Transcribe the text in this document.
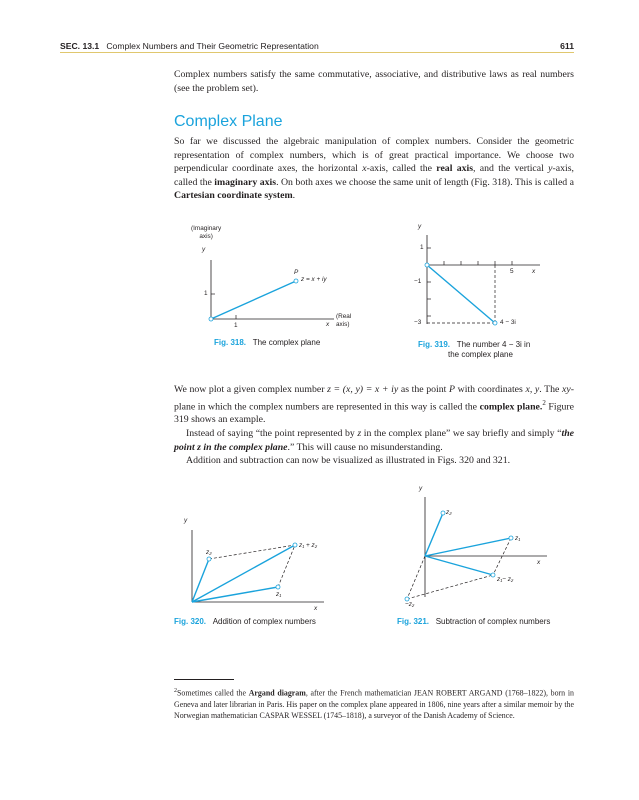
SEC. 13.1 Complex Numbers and Their Geometric Representation	611

Complex numbers satisfy the same commutative, associative, and distributive laws as real numbers (see the problem set).

Complex Plane

So far we discussed the algebraic manipulation of complex numbers. Consider the geometric representation of complex numbers, which is of great practical importance. We choose two perpendicular coordinate axes, the horizontal x-axis, called the real axis, and the vertical y-axis, called the imaginary axis. On both axes we choose the same unit of length (Fig. 318). This is called a Cartesian coordinate system.

(Imaginary
axis)
y
P
z = x + iy
1
1
(Real
axis)
x
Fig. 318. The complex plane
y
1
−1
−3
5	x
4 − 3i
Fig. 319. The number 4 − 3i in
the complex plane

We now plot a given complex number z = (x, y) = x + iy as the point P with coordinates x, y. The xy-plane in which the complex numbers are represented in this way is called the complex plane.$^2$ Figure 319 shows an example.

Instead of saying “the point represented by z in the complex plane” we say briefly and simply “the point z in the complex plane.” This will cause no misunderstanding.

Addition and subtraction can now be visualized as illustrated in Figs. 320 and 321.

y
x
z₂
z₁
z₁ + z₂
Fig. 320. Addition of complex numbers
y
x
z₂
z₁
z₁− z₂
−z₂
Fig. 321. Subtraction of complex numbers
$^2$Sometimes called the Argand diagram, after the French mathematician JEAN ROBERT ARGAND (1768–1822), born in Geneva and later librarian in Paris. His paper on the complex plane appeared in 1806, nine years after a similar memoir by the Norwegian mathematician CASPAR WESSEL (1745–1818), a surveyor of the Danish Academy of Science.
